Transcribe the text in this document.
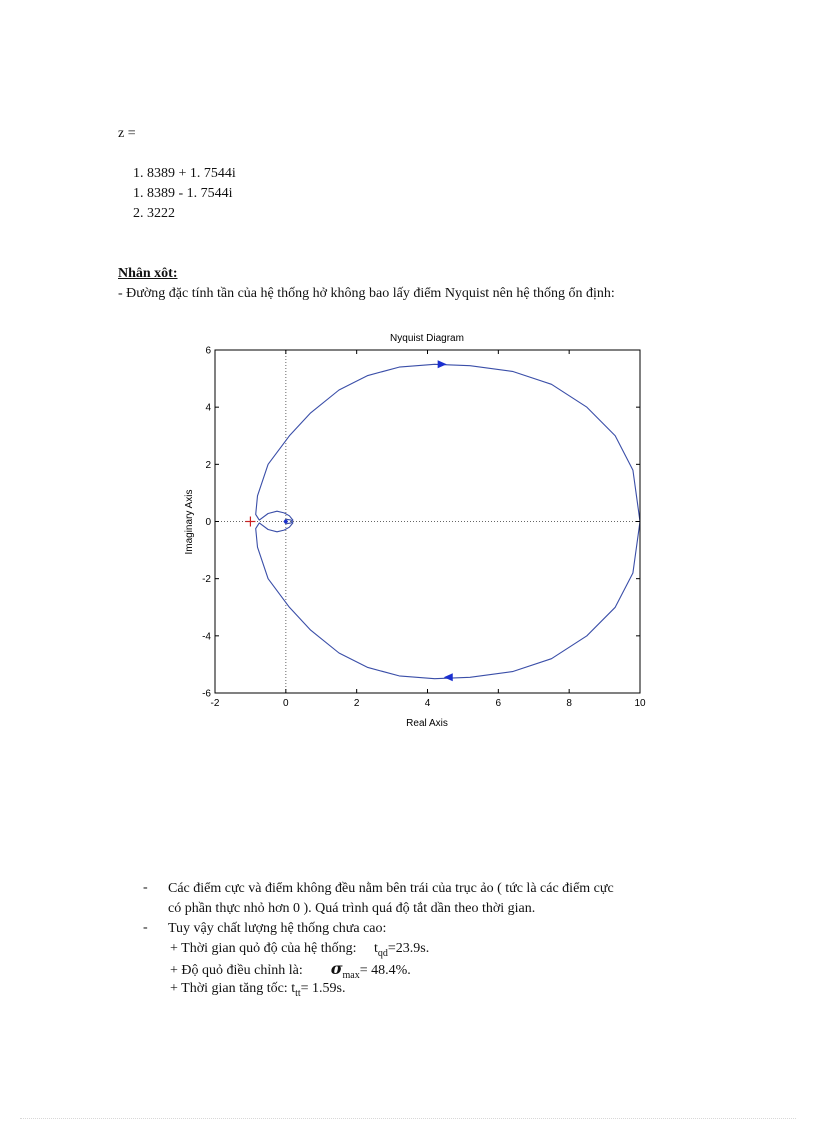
z =
1. 8389 + 1. 7544i
1. 8389 - 1. 7544i
2. 3222
Nhân xôt:
- Đường đặc tính tần của hệ thống hở không bao lấy điểm Nyquist nên hệ thống ổn định:
-2	0	2	4	6	8	10
-6
-4
-2
0
2
4
6
Nyquist Diagram
Real Axis
Imaginary Axis
-
-
Các điểm cực và điểm không đều nằm bên trái của trục ảo ( tức là các điểm cực
có phần thực nhỏ hơn 0 ). Quá trình quá độ tắt dần theo thời gian.
Tuy vậy chất lượng hệ thống chưa cao:
+ Thời gian quỏ độ của hệ thống: $t_{qd}=23.9s$.
+ Độ quỏ điều chỉnh là: $\sigma_{max}= 48.4\%$.
+ Thời gian tăng tốc: $t_{tt}= 1.59s$.
